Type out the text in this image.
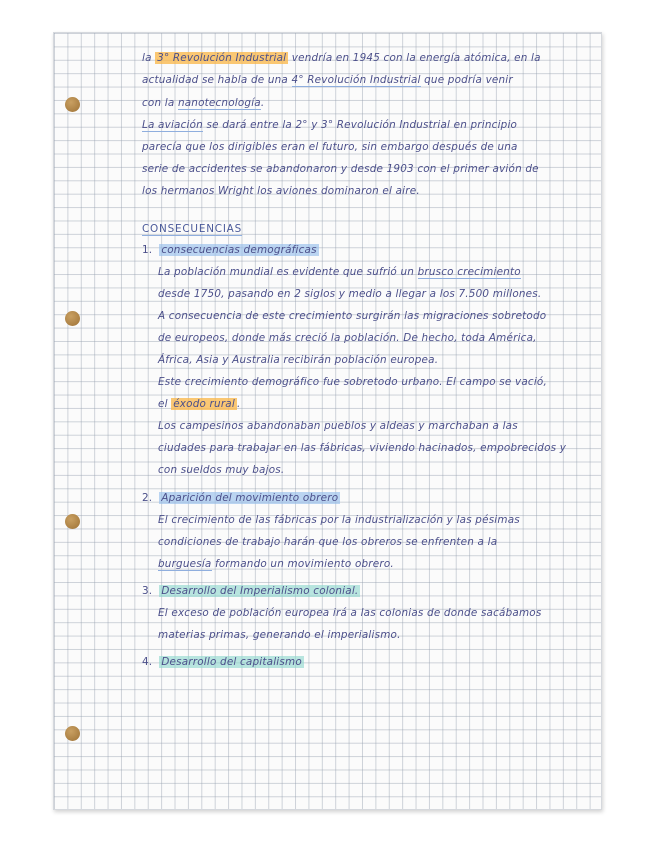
la 3° Revolución Industrial vendría en 1945 con la energía atómica, en la
actualidad se habla de una 4° Revolución Industrial que podría venir
con la nanotecnología.
La aviación se dará entre la 2° y 3° Revolución Industrial en principio
parecía que los dirigibles eran el futuro, sin embargo después de una
serie de accidentes se abandonaron y desde 1903 con el primer avión de
los hermanos Wright los aviones dominaron el aire.
CONSECUENCIAS
1. consecuencias demográficas
La población mundial es evidente que sufrió un brusco crecimiento
desde 1750, pasando en 2 siglos y medio a llegar a los 7.500 millones.
A consecuencia de este crecimiento surgirán las migraciones sobretodo
de europeos, donde más creció la población. De hecho, toda América,
África, Asia y Australia recibirán población europea.
Este crecimiento demográfico fue sobretodo urbano. El campo se vació,
el éxodo rural .
Los campesinos abandonaban pueblos y aldeas y marchaban a las
ciudades para trabajar en las fábricas, viviendo hacinados, empobrecidos y
con sueldos muy bajos.
2. Aparición del movimiento obrero
El crecimiento de las fábricas por la industrialización y las pésimas
condiciones de trabajo harán que los obreros se enfrenten a la
burguesía formando un movimiento obrero.
3. Desarrollo del Imperialismo colonial.
El exceso de población europea irá a las colonias de donde sacábamos
materias primas, generando el imperialismo.
4. Desarrollo del capitalismo
